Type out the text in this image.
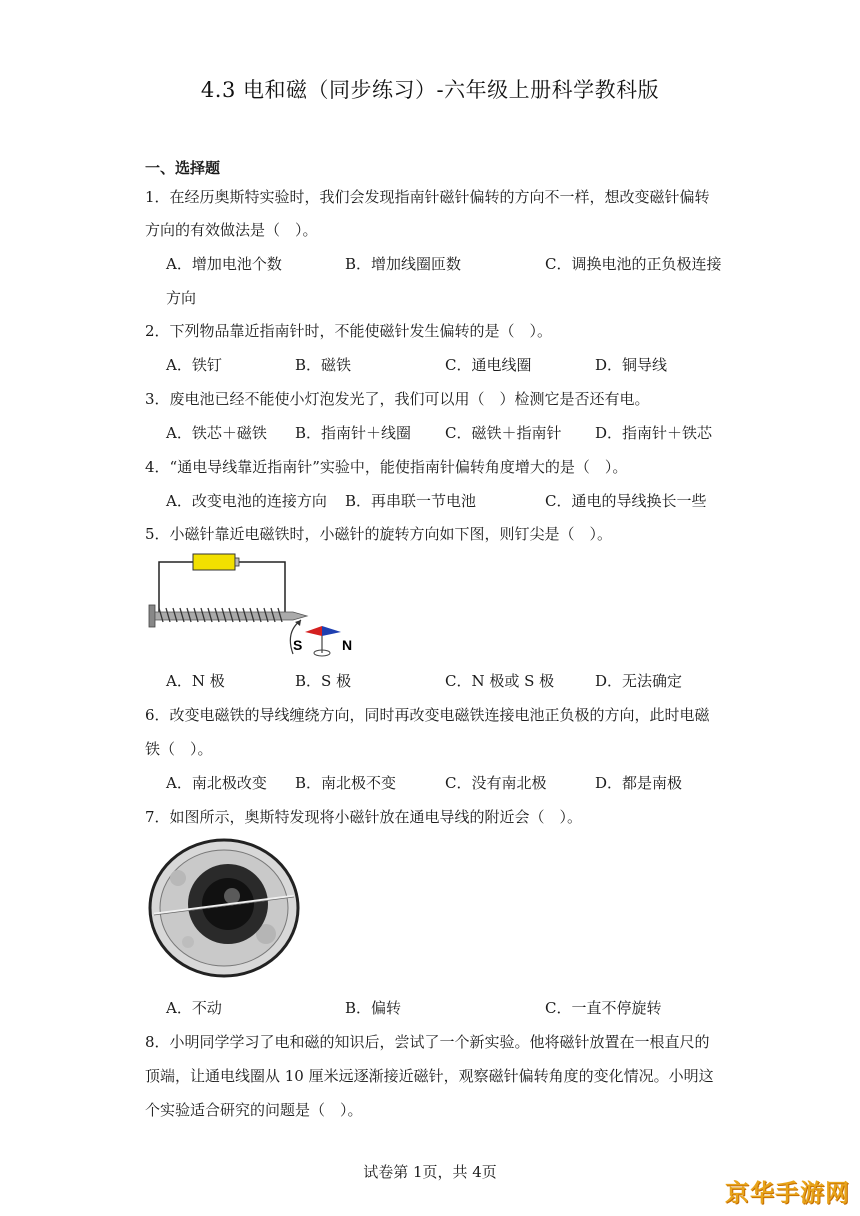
4.3 电和磁（同步练习）-六年级上册科学教科版
一、选择题
1．在经历奥斯特实验时，我们会发现指南针磁针偏转的方向不一样，想改变磁针偏转
方向的有效做法是（　）。
A．增加电池个数	B．增加线圈匝数	C．调换电池的正负极连接
方向
2．下列物品靠近指南针时，不能使磁针发生偏转的是（　）。
A．铁钉	B．磁铁	C．通电线圈	D．铜导线
3．废电池已经不能使小灯泡发光了，我们可以用（　）检测它是否还有电。
A．铁芯＋磁铁 B．指南针＋线圈 C．磁铁＋指南针 D．指南针＋铁芯
4．“通电导线靠近指南针”实验中，能使指南针偏转角度增大的是（　）。
A．改变电池的连接方向 B．再串联一节电池	C．通电的导线换长一些
5．小磁针靠近电磁铁时，小磁针的旋转方向如下图，则钉尖是（　）。
S	N
A．N 极	B．S 极	C．N 极或 S 极	D．无法确定
6．改变电磁铁的导线缠绕方向，同时再改变电磁铁连接电池正负极的方向，此时电磁
铁（　）。
A．南北极改变 B．南北极不变	C．没有南北极	D．都是南极
7．如图所示，奥斯特发现将小磁针放在通电导线的附近会（　）。
A．不动	B．偏转	C．一直不停旋转
8．小明同学学习了电和磁的知识后，尝试了一个新实验。他将磁针放置在一根直尺的
顶端，让通电线圈从 10 厘米远逐渐接近磁针，观察磁针偏转角度的变化情况。小明这
个实验适合研究的问题是（　）。
试卷第 1页，共 4页
京华手游网
